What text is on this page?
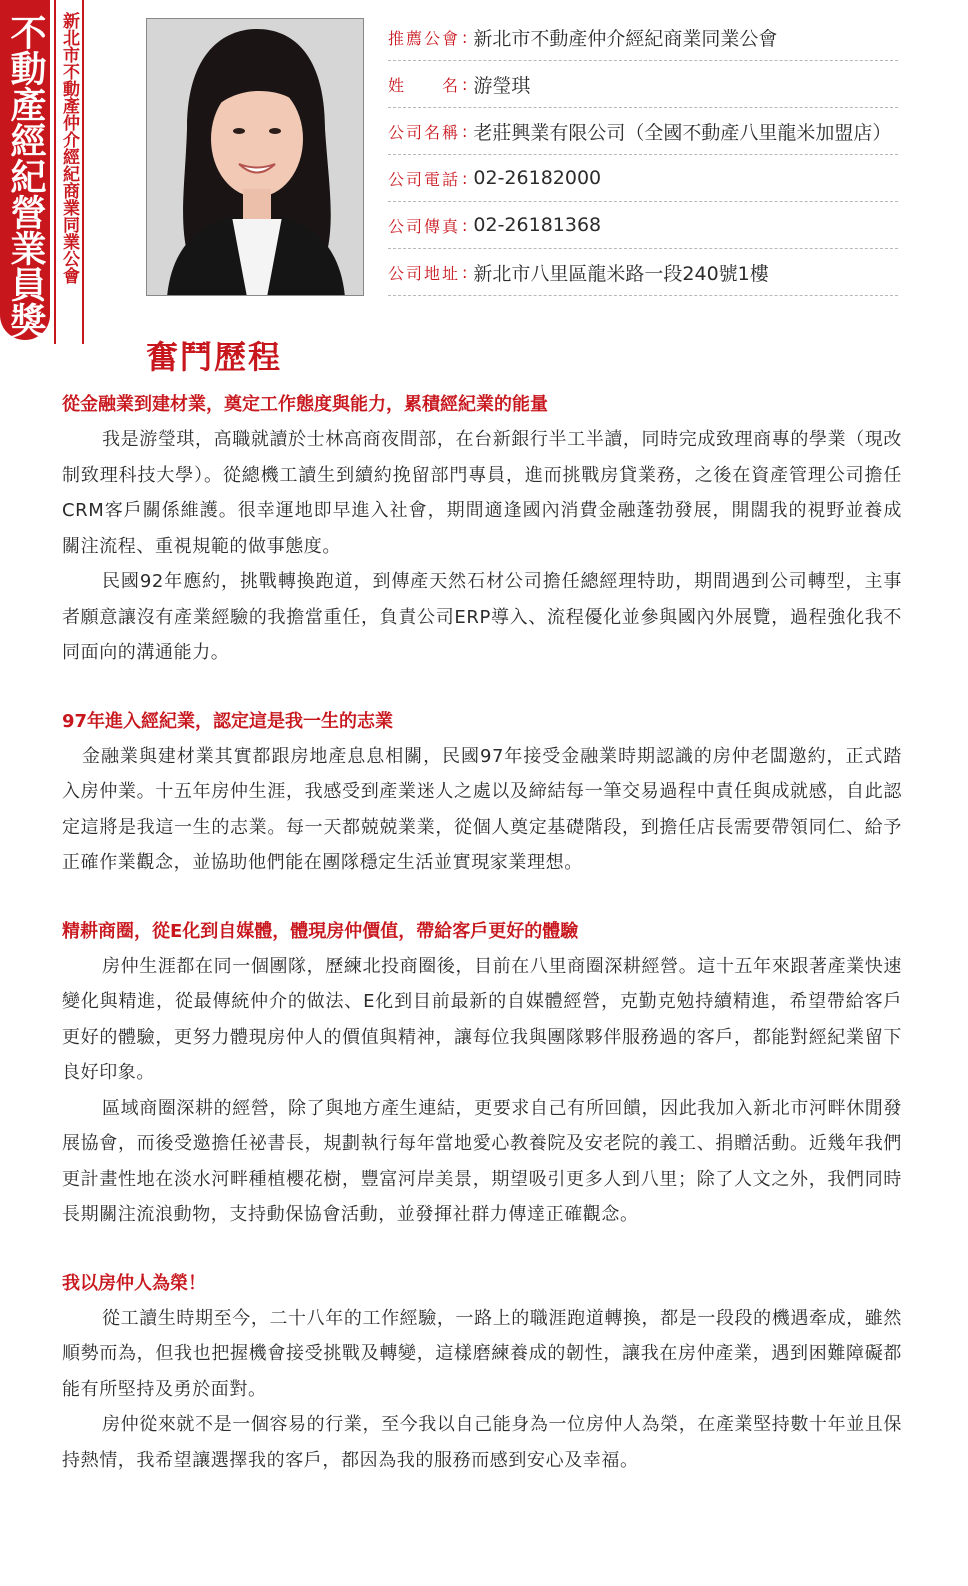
不動產經紀營業員獎 新北市不動產仲介經紀商業同業公會	推薦公會 : 新北市不動產仲介經紀商業同業公會
姓名 : 游瑩琪
公司名稱 : 老莊興業有限公司（全國不動產八里龍米加盟店）
公司電話 : 02-26182000
公司傳真 : 02-26181368
公司地址 : 新北市八里區龍米路一段240號1樓
奮鬥歷程
從金融業到建材業，奠定工作態度與能力，累積經紀業的能量

我是游瑩琪，高職就讀於士林高商夜間部，在台新銀行半工半讀，同時完成致理商專的學業（現改制致理科技大學）。從總機工讀生到續約挽留部門專員，進而挑戰房貸業務，之後在資產管理公司擔任CRM客戶關係維護。很幸運地即早進入社會，期間適逢國內消費金融蓬勃發展，開闊我的視野並養成關注流程、重視規範的做事態度。

民國92年應約，挑戰轉換跑道，到傳產天然石材公司擔任總經理特助，期間遇到公司轉型，主事者願意讓沒有產業經驗的我擔當重任，負責公司ERP導入、流程優化並參與國內外展覽，過程強化我不同面向的溝通能力。

97年進入經紀業，認定這是我一生的志業

金融業與建材業其實都跟房地產息息相關，民國97年接受金融業時期認識的房仲老闆邀約，正式踏入房仲業。十五年房仲生涯，我感受到產業迷人之處以及締結每一筆交易過程中責任與成就感，自此認定這將是我這一生的志業。每一天都兢兢業業，從個人奠定基礎階段，到擔任店長需要帶領同仁、給予正確作業觀念，並協助他們能在團隊穩定生活並實現家業理想。

精耕商圈，從E化到自媒體，體現房仲價值，帶給客戶更好的體驗

房仲生涯都在同一個團隊，歷練北投商圈後，目前在八里商圈深耕經營。這十五年來跟著產業快速變化與精進，從最傳統仲介的做法、E化到目前最新的自媒體經營，克勤克勉持續精進，希望帶給客戶更好的體驗，更努力體現房仲人的價值與精神，讓每位我與團隊夥伴服務過的客戶，都能對經紀業留下良好印象。

區域商圈深耕的經營，除了與地方產生連結，更要求自己有所回饋，因此我加入新北市河畔休閒發展協會，而後受邀擔任祕書長，規劃執行每年當地愛心教養院及安老院的義工、捐贈活動。近幾年我們更計畫性地在淡水河畔種植櫻花樹，豐富河岸美景，期望吸引更多人到八里；除了人文之外，我們同時長期關注流浪動物，支持動保協會活動，並發揮社群力傳達正確觀念。

我以房仲人為榮！

從工讀生時期至今，二十八年的工作經驗，一路上的職涯跑道轉換，都是一段段的機遇牽成，雖然順勢而為，但我也把握機會接受挑戰及轉變，這樣磨練養成的韌性，讓我在房仲產業，遇到困難障礙都能有所堅持及勇於面對。

房仲從來就不是一個容易的行業，至今我以自己能身為一位房仲人為榮，在產業堅持數十年並且保持熱情，我希望讓選擇我的客戶，都因為我的服務而感到安心及幸福。
